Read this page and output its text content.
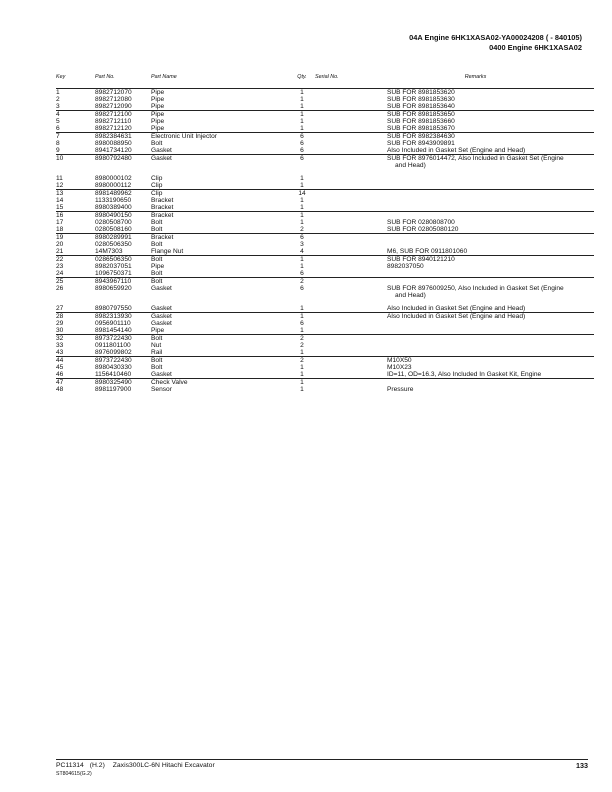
04A Engine 6HK1XASA02-YA00024208 ( - 840105)
0400 Engine 6HK1XASA02
Key	Part No.	Part Name	Qty.	Serial No.	Remarks
1	8982712070	Pipe	1		SUB FOR 8981853620
2	8982712080	Pipe	1		SUB FOR 8981853630
3	8982712090	Pipe	1		SUB FOR 8981853640
4	8982712100	Pipe	1		SUB FOR 8981853650
5	8982712110	Pipe	1		SUB FOR 8981853660
6	8982712120	Pipe	1		SUB FOR 8981853670
7	8982384631	Electronic Unit Injector	6		SUB FOR 8982384630
8	8980088950	Bolt	6		SUB FOR 8943909891
9	8941734120	Gasket	6		Also Included in Gasket Set (Engine and Head)
10	8980792480	Gasket	6		SUB FOR 8976014472, Also Included in Gasket Set (Engine
and Head)

11	8980000102	Clip	1		
12	8980000112	Clip	1		
13	8981489962	Clip	14		
14	1133190650	Bracket	1		
15	8980389400	Bracket	1		
16	8980490150	Bracket	1		
17	0280508700	Bolt	1		SUB FOR 0280808700
18	0280508160	Bolt	2		SUB FOR 02805080120
19	8980289991	Bracket	6		
20	0280506350	Bolt	3		
21	14M7303	Flange Nut	4		M6, SUB FOR 0911801060
22	0286506350	Bolt	1		SUB FOR 8940121210
23	8982037051	Pipe	1		8982037050
24	1096750371	Bolt	6		
25	8943967110	Bolt	2		
26	8980659920	Gasket	6		SUB FOR 8976009250, Also Included in Gasket Set (Engine
and Head)

27	8980797550	Gasket	1		Also Included in Gasket Set (Engine and Head)
28	8982313930	Gasket	1		Also Included in Gasket Set (Engine and Head)
29	0956901110	Gasket	6		
30	8981454140	Pipe	1		
32	8973722430	Bolt	2		
33	0911801100	Nut	2		
43	8976099802	Rail	1		
44	8973722430	Bolt	2		M10X50
45	8980430330	Bolt	1		M10X23
46	1156410460	Gasket	1		ID=11, OD=16.3, Also Included In Gasket Kit, Engine
47	8980325490	Check Valve	1		
48	8981197900	Sensor	1		Pressure
PC11314 (H.2) Zaxis300LC-6N Hitachi Excavator
ST804615(G.2)
133
